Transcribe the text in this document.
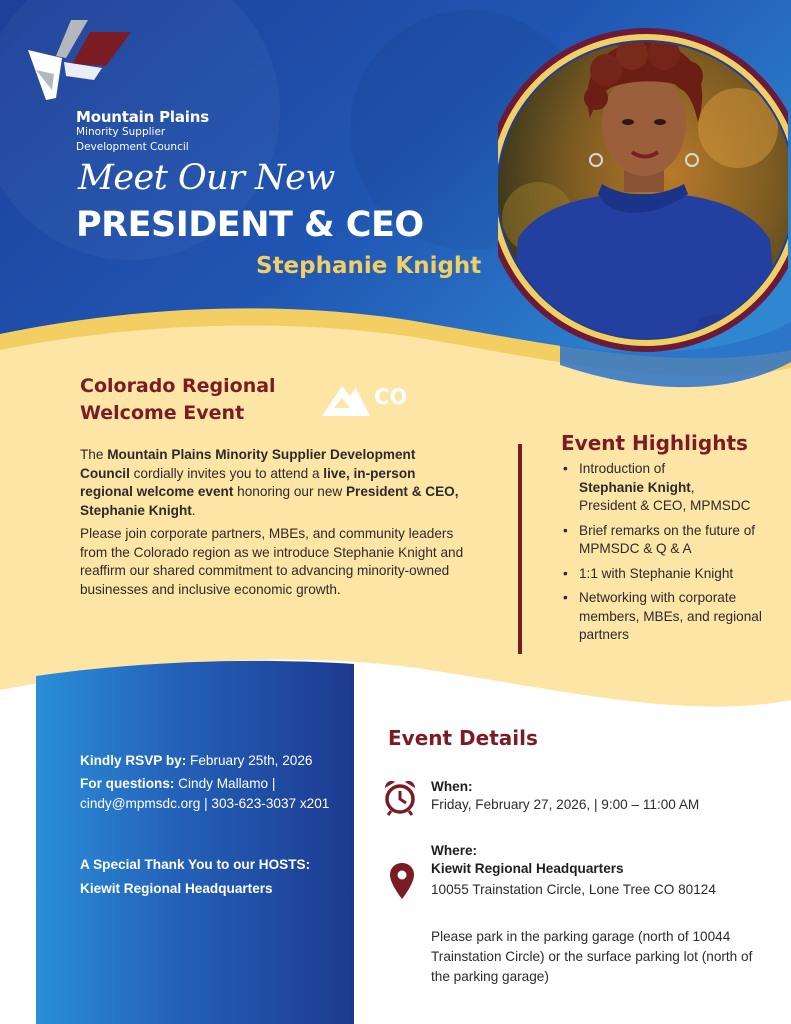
Mountain Plains
Minority Supplier
Development Council
Meet Our New
PRESIDENT & CEO
Stephanie Knight
Colorado Regional
Welcome Event
CO
The Mountain Plains Minority Supplier Development Council cordially invites you to attend a live, in-person regional welcome event honoring our new President & CEO, Stephanie Knight.
Please join corporate partners, MBEs, and community leaders from the Colorado region as we introduce Stephanie Knight and reaffirm our shared commitment to advancing minority-owned businesses and inclusive economic growth.
Event Highlights
• Introduction of
Stephanie Knight,
President & CEO, MPMSDC
• Brief remarks on the future of MPMSDC & Q & A
• 1:1 with Stephanie Knight
• Networking with corporate members, MBEs, and regional partners
Kindly RSVP by: February 25th, 2026
For questions: Cindy Mallamo | cindy@mpmsdc.org | 303-623-3037 x201
A Special Thank You to our HOSTS:
Kiewit Regional Headquarters
Event Details
When:
Friday, February 27, 2026, | 9:00 – 11:00 AM
Where:
Kiewit Regional Headquarters
10055 Trainstation Circle, Lone Tree CO 80124
Please park in the parking garage (north of 10044 Trainstation Circle) or the surface parking lot (north of the parking garage)
